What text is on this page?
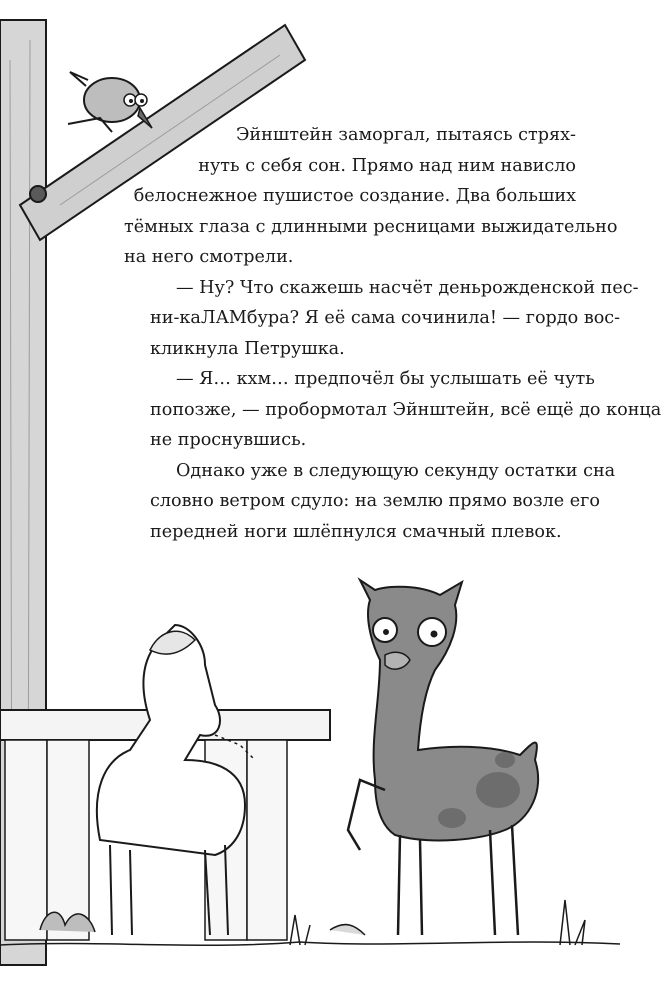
Эйнштейн заморгал, пытаясь стрях-
нуть с себя сон. Прямо над ним нависло
белоснежное пушистое создание. Два больших
тёмных глаза с длинными ресницами выжидательно
на него смотрели.

— Ну? Что скажешь насчёт деньрожденской пес-
ни-каЛАМбура? Я её сама сочинила! — гордо вос-
кликнула Петрушка.

— Я… кхм… предпочёл бы услышать её чуть
попозже, — пробормотал Эйнштейн, всё ещё до конца
не проснувшись.

Однако уже в следующую секунду остатки сна
словно ветром сдуло: на землю прямо возле его
передней ноги шлёпнулся смачный плевок.
